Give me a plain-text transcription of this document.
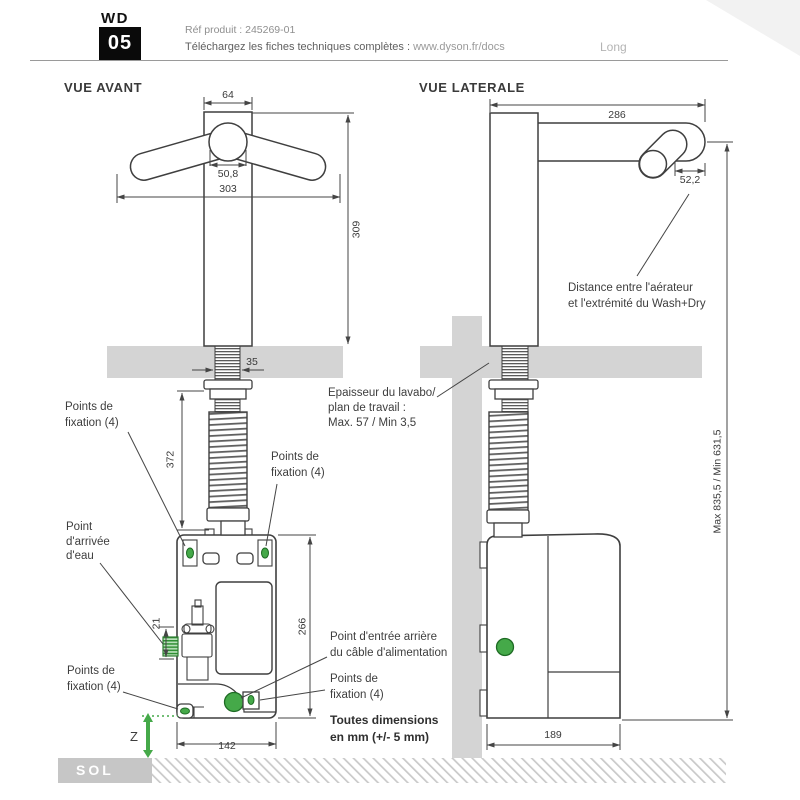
WD
05
Réf produit : 245269-01
Téléchargez les fiches techniques complètes : www.dyson.fr/docs	Long
VUE AVANT	VUE LATERALE
64
50,8
303
309
35
372
266
21
142
286
52,2
Max 835,5 / Min 631,5
189
Points de
fixation (4)
Point
d'arrivée
d'eau
Points de
fixation (4)
Points de
fixation (4)
Epaisseur du lavabo/
plan de travail :
Max. 57 / Min 3,5
Point d'entrée arrière
du câble d'alimentation
Points de
fixation (4)
Toutes dimensions
en mm (+/- 5 mm)
Distance entre l'aérateur
et l'extrémité du Wash+Dry
SOL
Z
